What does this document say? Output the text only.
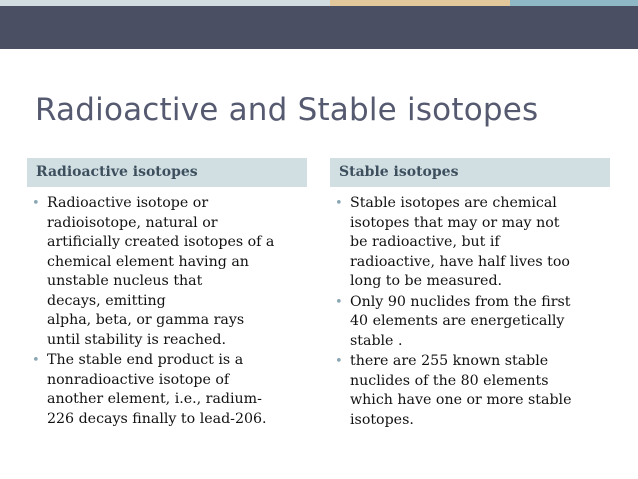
Radioactive and Stable isotopes
Radioactive isotopes	Stable isotopes
• Radioactive isotope or
radioisotope, natural or
artificially created isotopes of a
chemical element having an
unstable nucleus that
decays, emitting
alpha, beta, or gamma rays
until stability is reached.
• The stable end product is a
nonradioactive isotope of
another element, i.e., radium-
226 decays finally to lead-206.
• Stable isotopes are chemical
isotopes that may or may not
be radioactive, but if
radioactive, have half lives too
long to be measured.
• Only 90 nuclides from the first
40 elements are energetically
stable .
• there are 255 known stable
nuclides of the 80 elements
which have one or more stable
isotopes.
